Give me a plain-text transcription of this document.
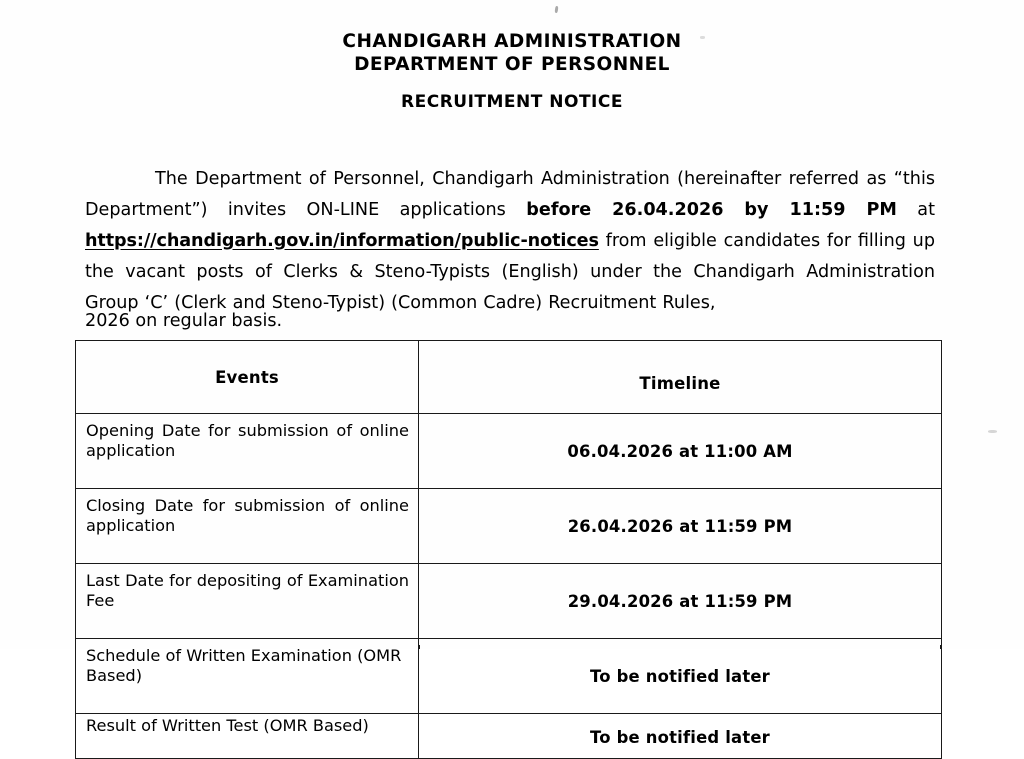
CHANDIGARH ADMINISTRATION
DEPARTMENT OF PERSONNEL
RECRUITMENT NOTICE

The Department of Personnel, Chandigarh Administration (hereinafter referred as “this Department”) invites ON-LINE applications before 26.04.2026 by 11:59 PM at https://chandigarh.gov.in/information/public-notices from eligible candidates for filling up the vacant posts of Clerks & Steno-Typists (English) under the Chandigarh Administration Group ‘C’ (Clerk and Steno-Typist) (Common Cadre) Recruitment Rules,

2026 on regular basis.
Events	Timeline

Opening Date for submission of online application	06.04.2026 at 11:00 AM

Closing Date for submission of online application	26.04.2026 at 11:59 PM

Last Date for depositing of Examination Fee	29.04.2026 at 11:59 PM

Schedule of Written Examination (OMR Based)	To be notified later

Result of Written Test (OMR Based)	To be notified later
